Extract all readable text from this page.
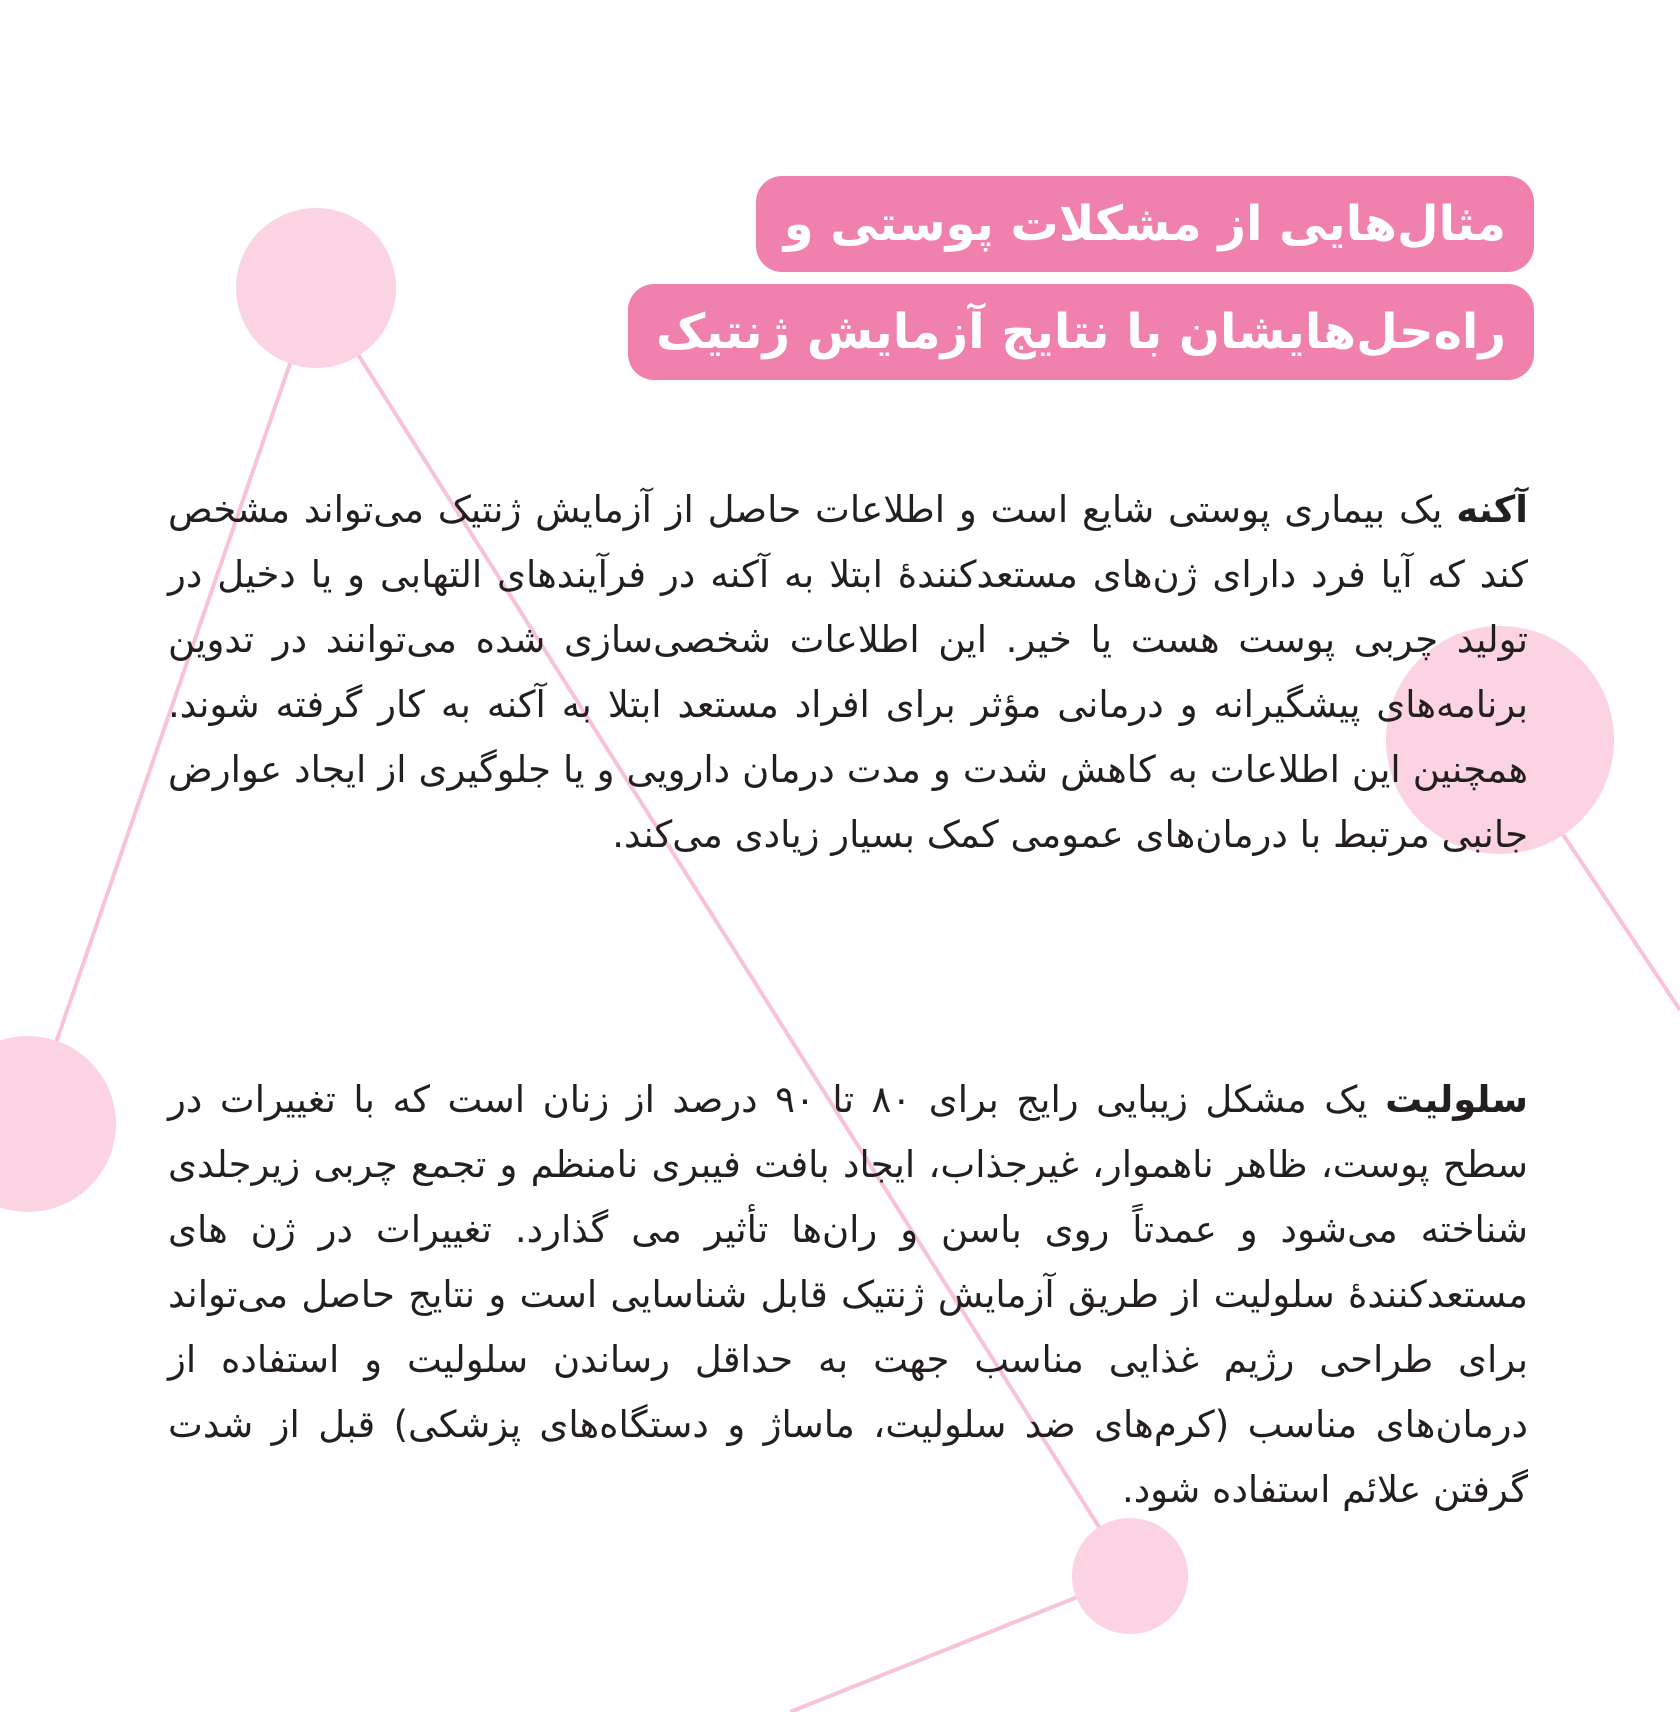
مثال‌هایی از مشکلات پوستی و
راه‌حل‌هایشان با نتایج آزمایش ژنتیک

آکنه یک بیماری پوستی شایع است و اطلاعات حاصل از آزمایش ژنتیک می‌تواند مشخص کند که آیا فرد دارای ژن‌های مستعدکنندهٔ ابتلا به آکنه در فرآیندهای التهابی و یا دخیل در تولید چربی پوست هست یا خیر. این اطلاعات شخصی‌سازی شده می‌توانند در تدوین برنامه‌های پیشگیرانه و درمانی مؤثر برای افراد مستعد ابتلا به آکنه به کار گرفته شوند. همچنین این اطلاعات به کاهش شدت و مدت درمان دارویی و یا جلوگیری از ایجاد عوارض جانبی مرتبط با درمان‌های عمومی کمک بسیار زیادی می‌کند.

سلولیت یک مشکل زیبایی رایج برای ۸۰ تا ۹۰ درصد از زنان است که با تغییرات در سطح پوست، ظاهر ناهموار، غیرجذاب، ایجاد بافت فیبری نامنظم و تجمع چربی زیرجلدی شناخته می‌شود و عمدتاً روی باسن و ران‌ها تأثیر می گذارد. تغییرات در ژن های مستعدکنندهٔ سلولیت از طریق آزمایش ژنتیک قابل شناسایی است و نتایج حاصل می‌تواند برای طراحی رژیم غذایی مناسب جهت به حداقل رساندن سلولیت و استفاده از درمان‌های مناسب (کرم‌های ضد سلولیت، ماساژ و دستگاه‌های پزشکی) قبل از شدت گرفتن علائم استفاده شود.
